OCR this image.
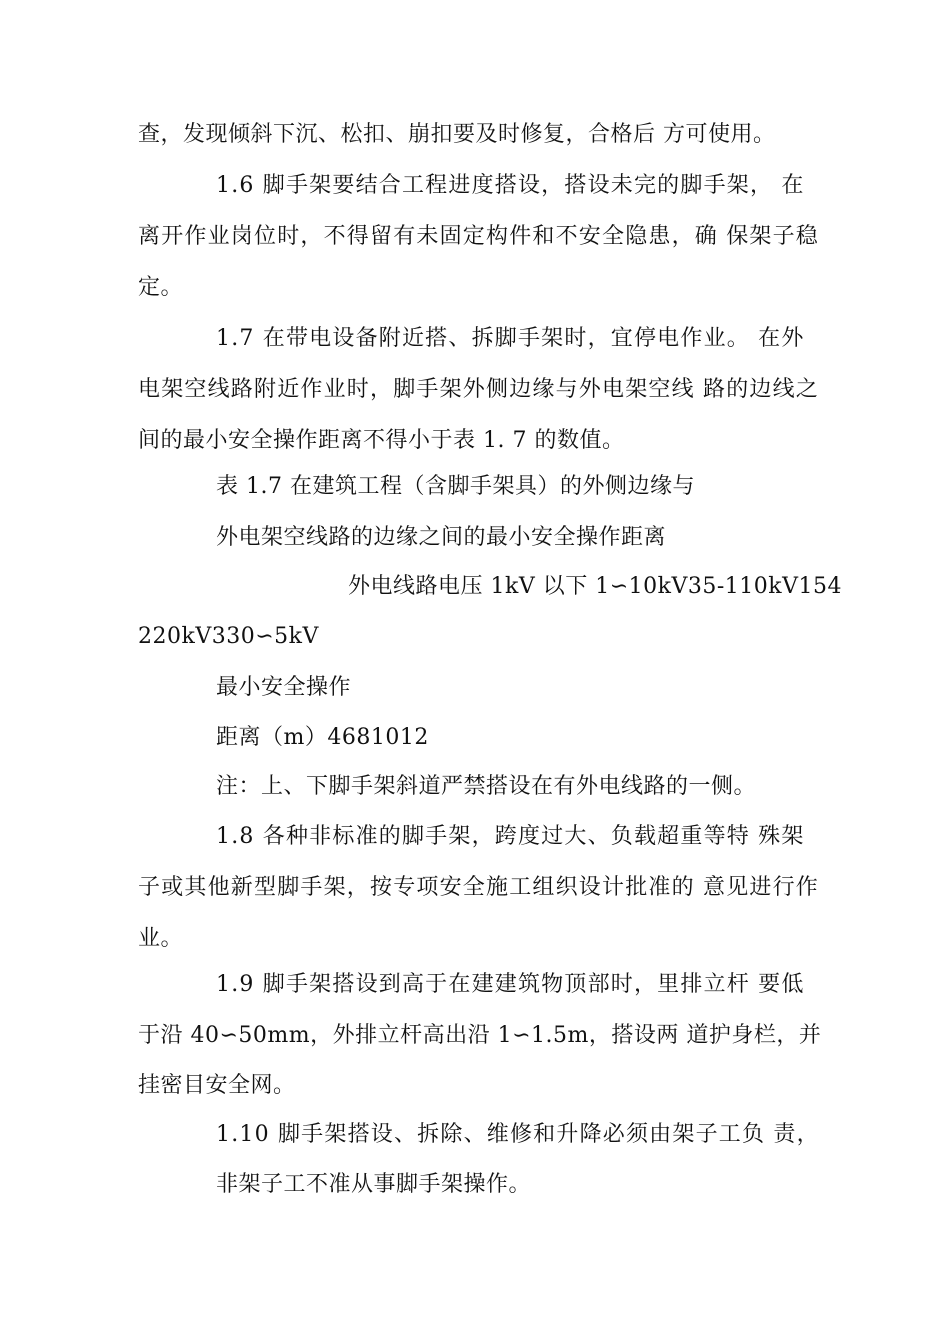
查，发现倾斜下沉、松扣、崩扣要及时修复，合格后 方可使用。
1.6 脚手架要结合工程进度搭设，搭设未完的脚手架， 在
离开作业岗位时，不得留有未固定构件和不安全隐患，确 保架子稳
定。
1.7 在带电设备附近搭、拆脚手架时，宜停电作业。 在外
电架空线路附近作业时，脚手架外侧边缘与外电架空线 路的边线之
间的最小安全操作距离不得小于表 1. 7 的数值。
表 1.7 在建筑工程（含脚手架具）的外侧边缘与
外电架空线路的边缘之间的最小安全操作距离
外电线路电压 1kV 以下 1∽10kV35-110kV154
220kV330∽5kV
最小安全操作
距离（m）4681012
注：上、下脚手架斜道严禁搭设在有外电线路的一侧。
1.8 各种非标准的脚手架，跨度过大、负载超重等特 殊架
子或其他新型脚手架，按专项安全施工组织设计批准的 意见进行作
业。
1.9 脚手架搭设到高于在建建筑物顶部时，里排立杆 要低
于沿 40∽50mm，外排立杆高出沿 1∽1.5m，搭设两 道护身栏，并
挂密目安全网。
1.10 脚手架搭设、拆除、维修和升降必须由架子工负 责，
非架子工不准从事脚手架操作。
